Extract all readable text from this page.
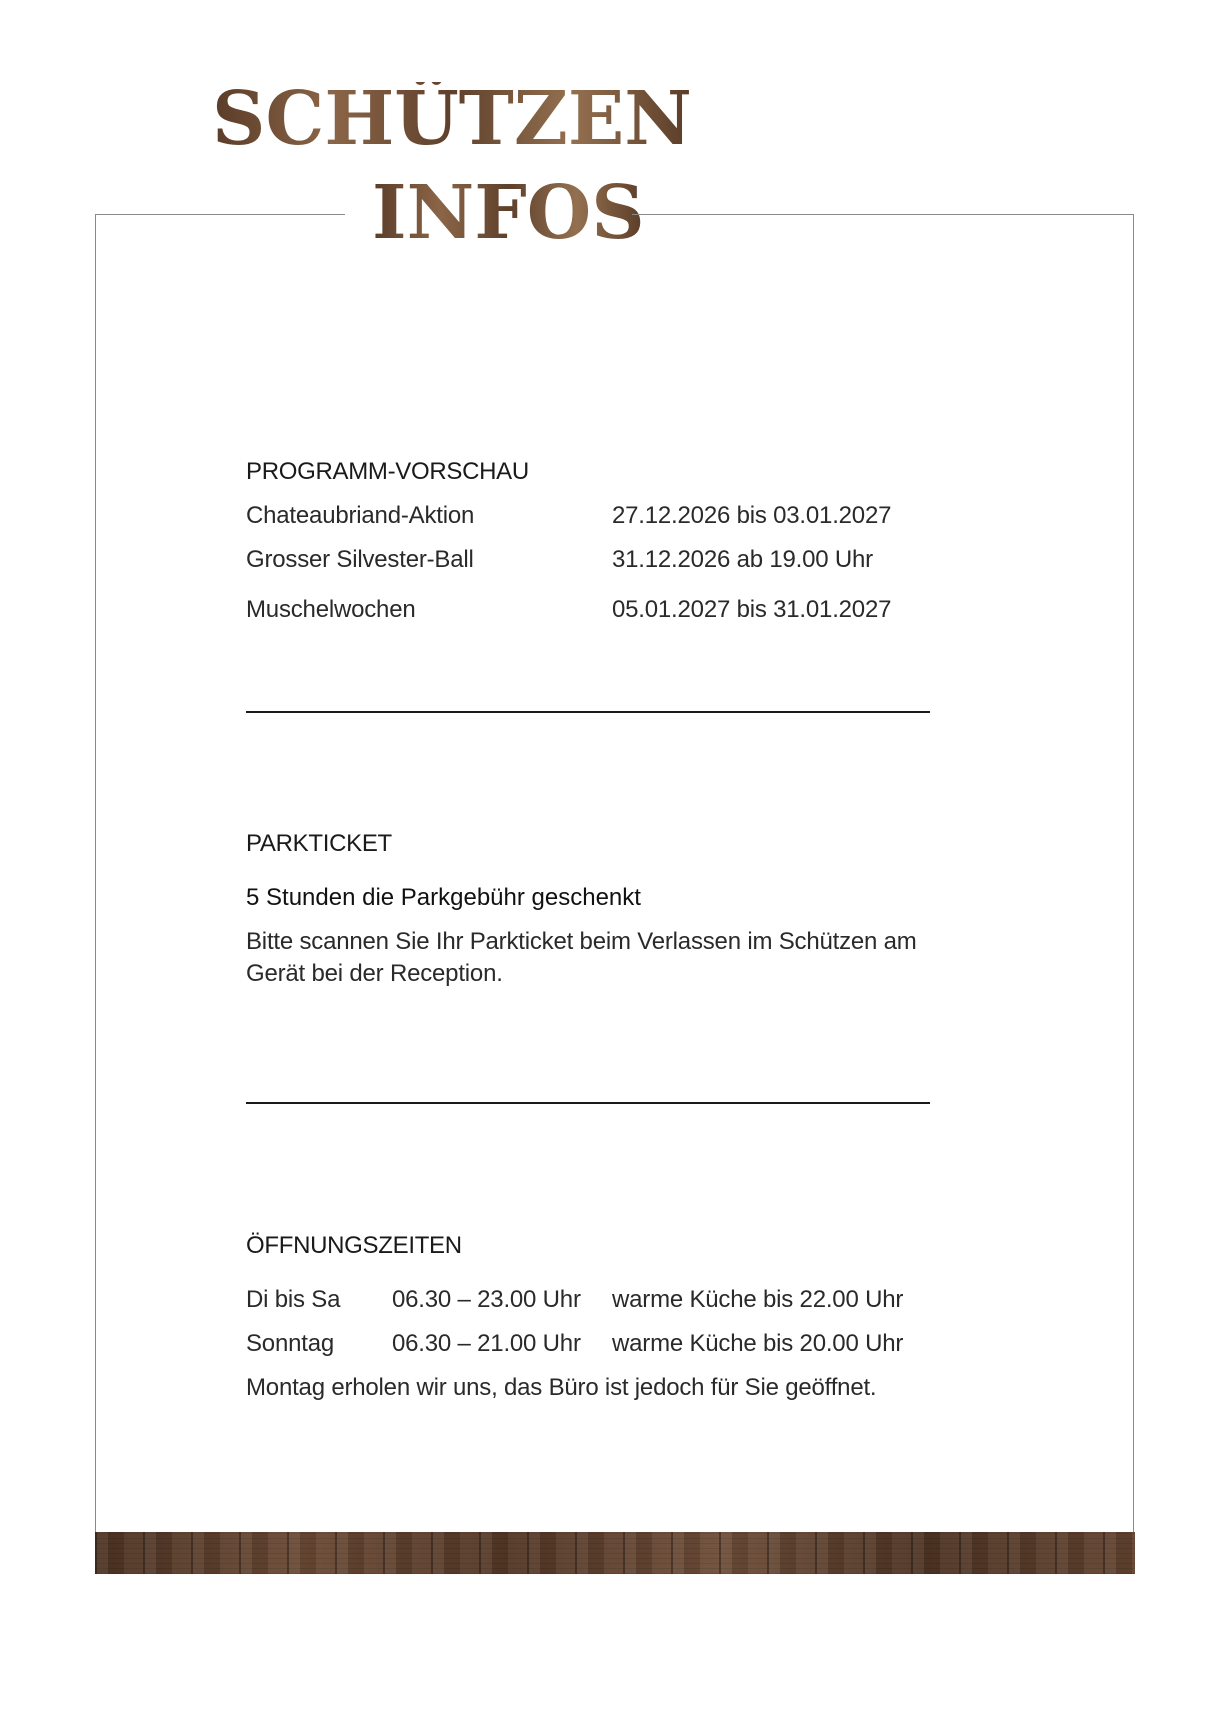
SCHÜTZEN
INFOS
PROGRAMM-VORSCHAU
Chateaubriand-Aktion	27.12.2026 bis 03.01.2027
Grosser Silvester-Ball	31.12.2026 ab 19.00 Uhr
Muschelwochen	05.01.2027 bis 31.01.2027
PARKTICKET
5 Stunden die Parkgebühr geschenkt
Bitte scannen Sie Ihr Parkticket beim Verlassen im Schützen am Gerät bei der Reception.
ÖFFNUNGSZEITEN
Di bis Sa 06.30 – 23.00 Uhr warme Küche bis 22.00 Uhr
Sonntag 06.30 – 21.00 Uhr warme Küche bis 20.00 Uhr
Montag erholen wir uns, das Büro ist jedoch für Sie geöffnet.
